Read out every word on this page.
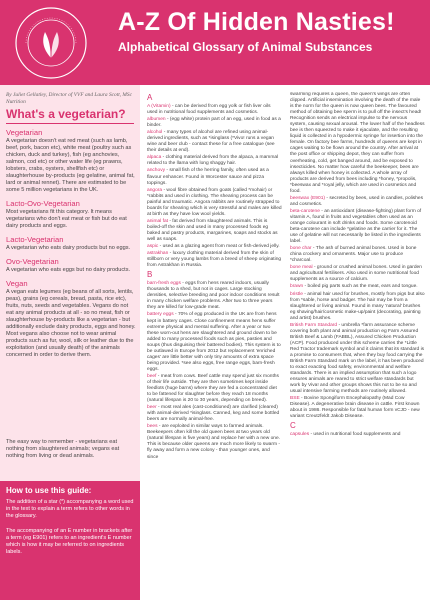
A-Z Of Hidden Nasties!
Alphabetical Glossary of Animal Substances
By Juliet Gellatley, Director of VVF and Laura Scott, MSc Nutrition
What's a vegetarian?
Vegetarian

A vegetarian doesn't eat red meat (such as lamb, beef, pork, bacon etc), white meat (poultry such as chicken, duck and turkey), fish (eg anchovies, salmon, cod etc) or other water life (eg prawns, lobsters, crabs, oysters, shellfish etc) or slaughterhouse by-products (eg gelatine, animal fat, lard or animal rennet). There are estimated to be some 5 million vegetarians in the UK.

Lacto-Ovo-Vegetarian

Most vegetarians fit this category. It means vegetarians who don't eat meat or fish but do eat dairy products and eggs.

Lacto-Vegetarian

A vegetarian who eats dairy products but no eggs.

Ovo-Vegetarian

A vegetarian who eats eggs but no dairy products.

Vegan

A vegan eats legumes (eg beans of all sorts, lentils, peas), grains (eg cereals, bread, pasta, rice etc), fruits, nuts, seeds and vegetables. Vegans do not eat any animal products at all - so no meat, fish or slaughterhouse by-products like a vegetarian - but additionally exclude dairy products, eggs and honey. Most vegans also choose not to wear animal products such as fur, wool, silk or leather due to the exploitation (and usually death) of the animals concerned in order to derive them.

The easy way to remember - vegetarians eat nothing from slaughtered animals; vegans eat nothing from living or dead animals.

How to use this guide:

The addition of a star (*) accompanying a word used in the text to explain a term refers to other words in the glossary.

The accompanying of an E number in brackets after a term (eg E901) refers to an ingredient's E number which is how it may be referred to on ingredients labels.

A

A (Vitamin) - can be derived from egg yolk or fish liver oils used in nutritional food supplements and cosmetics.

albumen - (egg white) protein part of an egg, used in food as a binder.

alcohol - many types of alcohol are refined using animal-derived ingredients, such as *isinglass (*Vivo! runs a vegan wine and beer club - contact these for a free catalogue (see their details at end).

alpaca - clothing material derived from the alpaca, a mammal related to the llama with long shaggy hair.

anchovy - small fish of the herring family, often used as a flavour enhancer. Found in Worcester sauce and pizza toppings.

angora - wool fibre obtained from goats (called *mohair) or *rabbits and used in clothing. The shearing process can be painful and traumatic. Angora rabbits are routinely strapped to boards for shearing which is very stressful and males are killed at birth as they have low wool yields.

animal fat - fat derived from slaughtered animals. This is boiled-off the skin and used in many processed foods eg baked and pastry products, margarines, soaps and stocks as well as soaps.

aspic - used as a glazing agent from meat or fish-derived jelly.

astrakhan - luxury clothing material derived from the skin of stillborn or very young lambs from a breed of sheep originating from Astrakhan in Russia.

B

barn-fresh eggs - eggs from hens reared indoors, usually thousands to a shed, but not in cages. Large stocking densities, selective breeding and poor indoor conditions result in many chicken welfare problems. After two to three years they are killed for low-grade meat.

battery eggs - 70% of egg produced in the UK are from hens kept in battery cages. Close confinement means hens suffer extreme physical and mental suffering. After a year or two these worn-out hens are slaughtered and ground down to be added to many processed foods such as pies, pasties and soups (thus disguising their battered bodies). This system is to be outlawed in Europe from 2012 but replacement 'enriched cages' are little better with only tiny amounts of extra space being provided. *see also eggs, free range eggs, barn-fresh eggs.

beef - meat from cows. Beef cattle may spend just six months of their life outside. They are then sometimes kept inside feedlots (huge barns) where they are fed a concentrated diet to be fattened for slaughter before they reach 18 months (natural lifespan is 20 to 30 years, depending on breed).

beer - most real ales (cast-conditioned) are clarified (cleared) with animal-derived *isinglass. Canned, keg and some bottled beers are normally animal-free.

bees - are exploited in similar ways to farmed animals. Beekeepers often kill the old queen bees at two years old (natural lifespan is five years) and replace her with a new one. This is because older queens are much more likely to swarm - fly away and form a new colony - than younger ones, and since

swarming requires a queen, the queen's wings are often clipped. Artificial insemination involving the death of the male is the norm for the queen is now queen bees. The favoured method of obtaining bee sperm is to pull off the insect's head! Recognition sends an electrical impulse to the nervous system, causing sexual arousal. The lower half of the headless bee is then squeezed to make it ejaculate, and the resulting liquid is collected in a hypodermic syringe for insertion into the female. On factory bee farms, hundreds of queens are kept in cages waiting to be flown around the country. After arrival at the post office or shipping depot, they can suffer from overheating, cold, get banged around, and be exposed to insecticides. No matter how careful the beekeeper, bees are always killed when honey is collected. A whole array of products are derived from bees including *honey, *propolis, *beeswax and *royal jelly, which are used in cosmetics and food.

beeswax (E901) - secreted by bees, used in candles, polishes and cosmetics.

beta-carotene - an antioxidant (disease-fighting) plant form of vitamin A, found in fruits and vegetables often used as an orange colourant in soft drinks and foods. Some carotenoid beta-carotene can include *gelatine as the carrier for it. The use of gelatine will not necessarily be listed in the ingredients label.

bone char - The ash of burned animal bones. Used in bone china crockery and ornaments. Major use to produce *charcoal.

bone meal - ground or crushed animal bones. Used in garden and agricultural fertilisers. Also used in some nutritional food supplements as a source of calcium.

brawn - boiled pig parts such as the meat, ears and tongue.

bristle - animal hair used for brushes, mostly from pigs but also from *sable, horse and badger. The hair may be from a slaughtered or living animal. Found in many 'natural' brushes eg shaving/hair/cosmetic make-up/paint (decorating, painting and artist) brushes.

British Farm Standard - umbrella *farm assurance scheme covering both plant and animal production eg Farm Assured British Beef & Lamb (FABBL), Assured Chicken Production (ACP). Food produced under this scheme carries the *Little Red Tractor trademark symbol and it claims that its standard is a promise to consumers that, when they buy food carrying the British Farm Standard mark on the label, it has been produced to exact exacting food safety, environmental and welfare standards. There is an implied assumption that such a logo ensures animals are reared to strict welfare standards but work by Viva! and other groups shows this not to be so and usual intensive farming methods are routinely allowed.

BSE - Bovine Spongiform Encephalopathy (Mad Cow Disease). A degenerative brain disease in cattle. First known about in 1986. Responsible for fatal human form vCJD - new variant Creutzfeldt Jakob Disease.

C

capsules - used in nutritional food supplements and
